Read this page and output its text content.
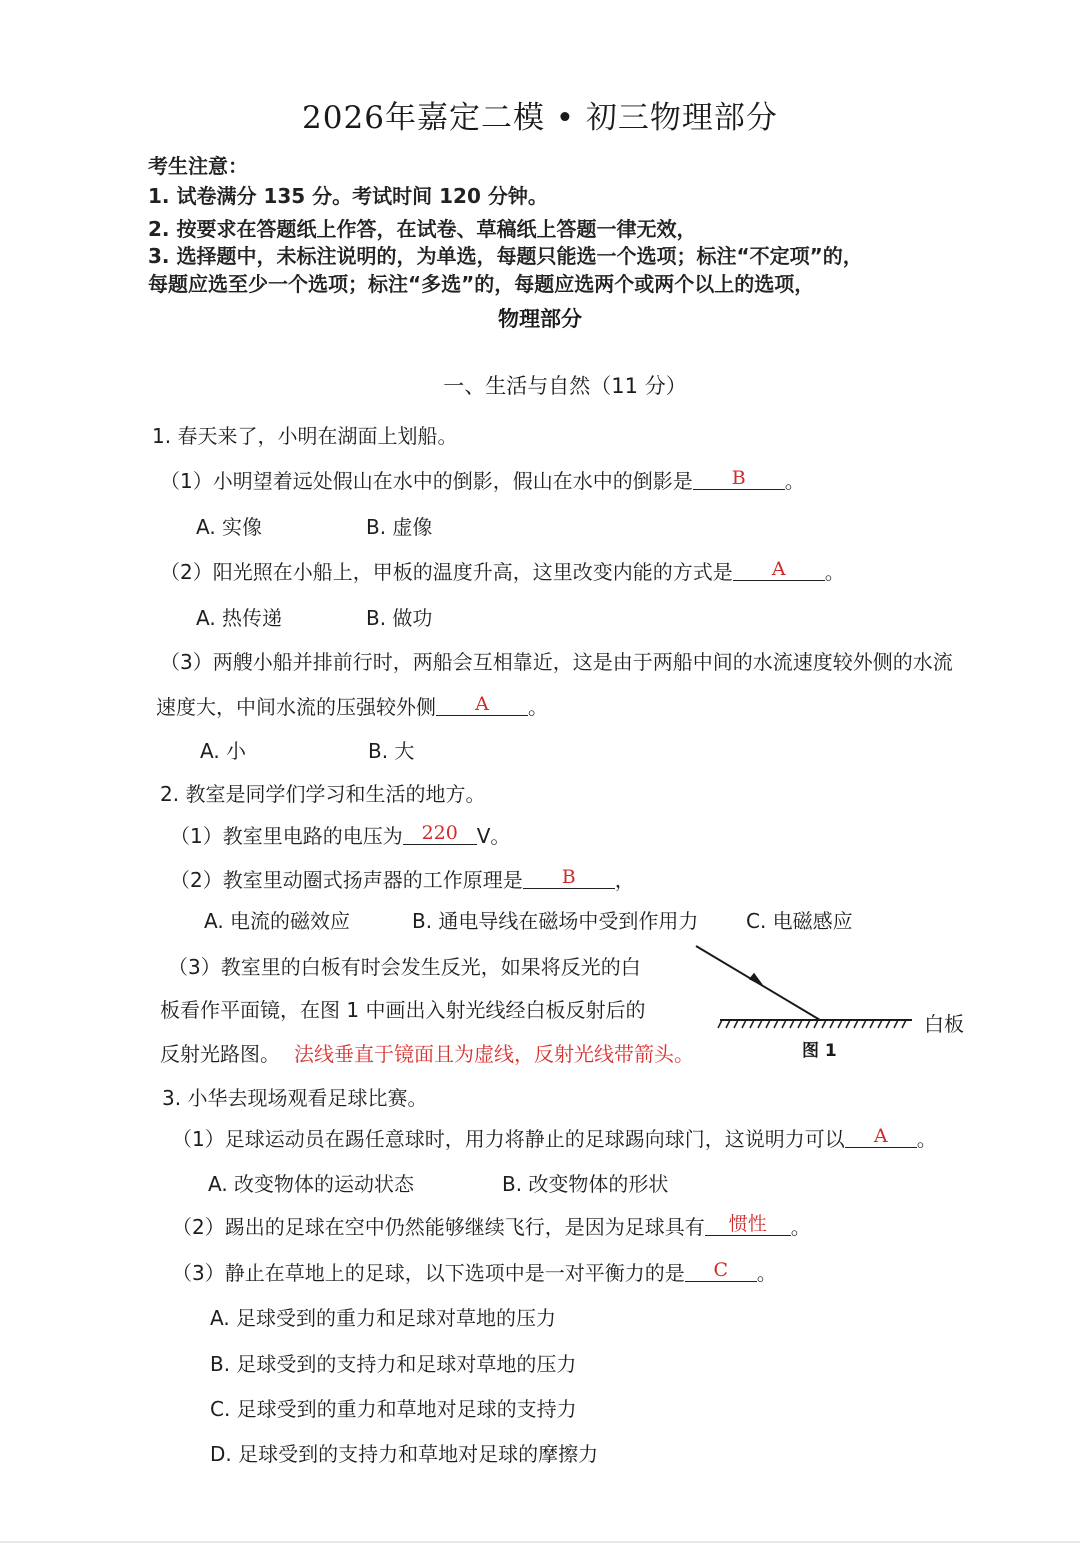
2026年嘉定二模 • 初三物理部分
考生注意：
1. 试卷满分 135 分。考试时间 120 分钟。
2. 按要求在答题纸上作答，在试卷、草稿纸上答题一律无效，
3. 选择题中，未标注说明的，为单选，每题只能选一个选项；标注“不定项”的，
每题应选至少一个选项；标注“多选”的，每题应选两个或两个以上的选项，
物理部分
一、生活与自然（11 分）
1. 春天来了，小明在湖面上划船。
（1）小明望着远处假山在水中的倒影，假山在水中的倒影是 B 。
A. 实像	B. 虚像
（2）阳光照在小船上，甲板的温度升高，这里改变内能的方式是 A 。
A. 热传递	B. 做功
（3）两艘小船并排前行时，两船会互相靠近，这是由于两船中间的水流速度较外侧的水流
速度大，中间水流的压强较外侧 A 。
A. 小	B. 大
2. 教室是同学们学习和生活的地方。
（1）教室里电路的电压为 220 V。
（2）教室里动圈式扬声器的工作原理是 B ，
A. 电流的磁效应	B. 通电导线在磁场中受到作用力 C. 电磁感应
（3）教室里的白板有时会发生反光，如果将反光的白
板看作平面镜，在图 1 中画出入射光线经白板反射后的
反射光路图。 法线垂直于镜面且为虚线，反射光线带箭头。
白板
图 1
3. 小华去现场观看足球比赛。
（1）足球运动员在踢任意球时，用力将静止的足球踢向球门，这说明力可以 A 。
A. 改变物体的运动状态	B. 改变物体的形状
（2）踢出的足球在空中仍然能够继续飞行，是因为足球具有 惯性 。
（3）静止在草地上的足球，以下选项中是一对平衡力的是 C 。
A. 足球受到的重力和足球对草地的压力
B. 足球受到的支持力和足球对草地的压力
C. 足球受到的重力和草地对足球的支持力
D. 足球受到的支持力和草地对足球的摩擦力
